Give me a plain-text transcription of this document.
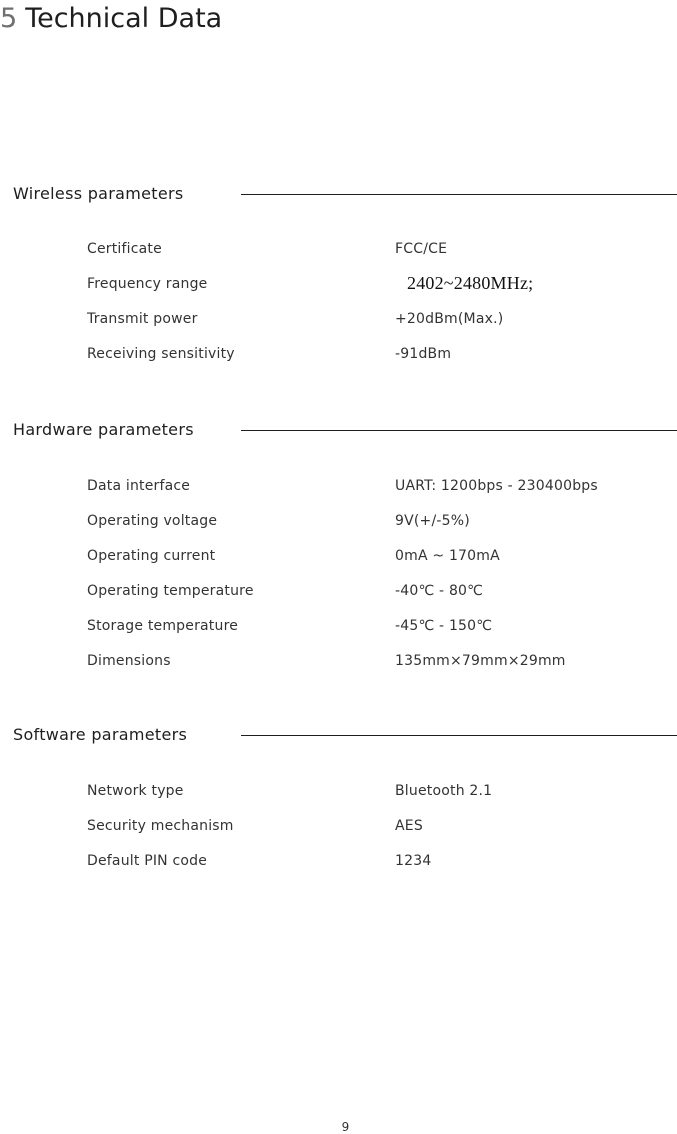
5 Technical Data
Wireless parameters
Certificate	FCC/CE
Frequency range	2402~2480MHz;
Transmit power	+20dBm(Max.)
Receiving sensitivity	-91dBm
Hardware parameters
Data interface	UART: 1200bps - 230400bps
Operating voltage	9V(+/-5%)
Operating current	0mA ~ 170mA
Operating temperature	-40℃ - 80℃
Storage temperature	-45℃ - 150℃
Dimensions	135mm×79mm×29mm
Software parameters
Network type	Bluetooth 2.1
Security mechanism	AES
Default PIN code	1234
9
